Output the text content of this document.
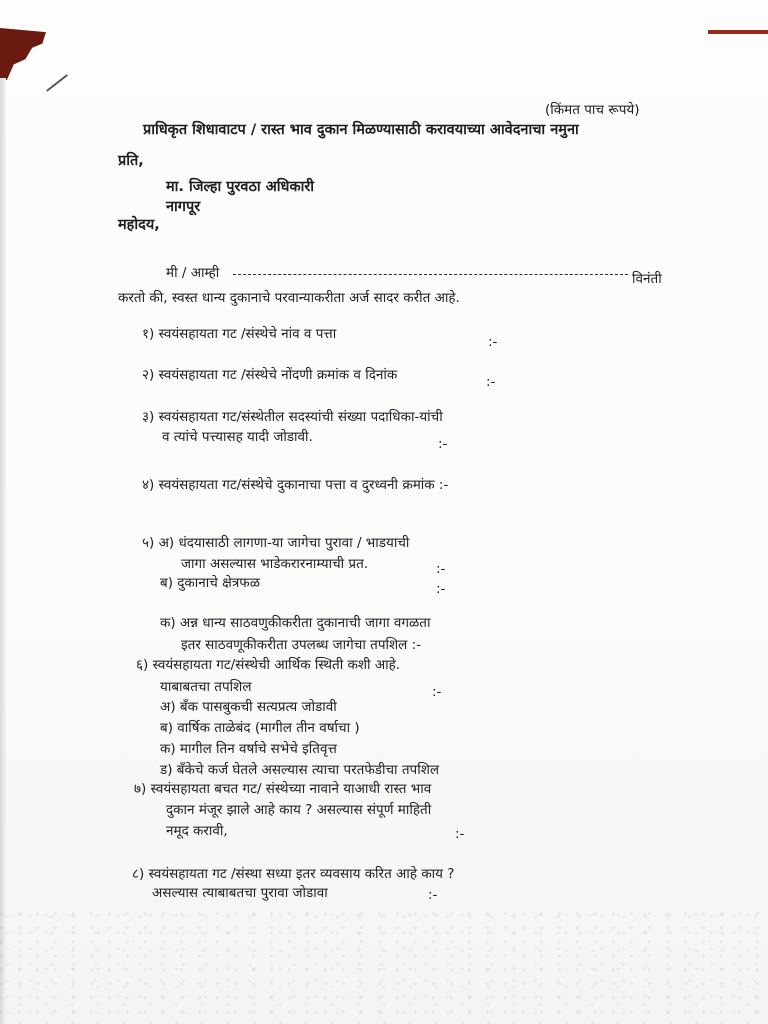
(किंमत पाच रूपये)
प्राधिकृत शिधावाटप / रास्त भाव दुकान मिळण्यासाठी करावयाच्या आवेदनाचा नमुना
प्रति,
मा. जिल्हा पुरवठा अधिकारी
नागपूर
महोदय,
मी / आम्ही	विनंती
करतो की, स्वस्त धान्य दुकानाचे परवान्याकरीता अर्ज सादर करीत आहे.
१) स्वयंसहायता गट /संस्थेचे नांव व पत्ता	:-
२) स्वयंसहायता गट /संस्थेचे नोंदणी क्रमांक व दिनांक	:-
३) स्वयंसहायता गट/संस्थेतील सदस्यांची संख्या पदाधिका-यांची
व त्यांचे पत्त्यासह यादी जोडावी.	:-
४) स्वयंसहायता गट/संस्थेचे दुकानाचा पत्ता व दुरध्वनी क्रमांक :-
५) अ) धंदयासाठी लागणा-या जागेचा पुरावा / भाडयाची
जागा असल्यास भाडेकरारनाम्याची प्रत.	:-
ब) दुकानाचे क्षेत्रफळ	:-
क) अन्न धान्य साठवणुकीकरीता दुकानाची जागा वगळता
इतर साठवणूकीकरीता उपलब्ध जागेचा तपशिल :-
६) स्वयंसहायता गट/संस्थेची आर्थिक स्थिती कशी आहे.
याबाबतचा तपशिल	:-
अ) बँक पासबुकची सत्यप्रत्य जोडावी
ब) वार्षिक ताळेबंद (मागील तीन वर्षाचा )
क) मागील तिन वर्षाचे सभेचे इतिवृत्त
ड) बँकेचे कर्ज घेतले असल्यास त्याचा परतफेडीचा तपशिल
७) स्वयंसहायता बचत गट/ संस्थेच्या नावाने याआधी रास्त भाव
दुकान मंजूर झाले आहे काय ? असल्यास संपूर्ण माहिती
नमूद करावी,	:-
८) स्वयंसहायता गट /संस्था सध्या इतर व्यवसाय करित आहे काय ?
असल्यास त्याबाबतचा पुरावा जोडावा	:-
